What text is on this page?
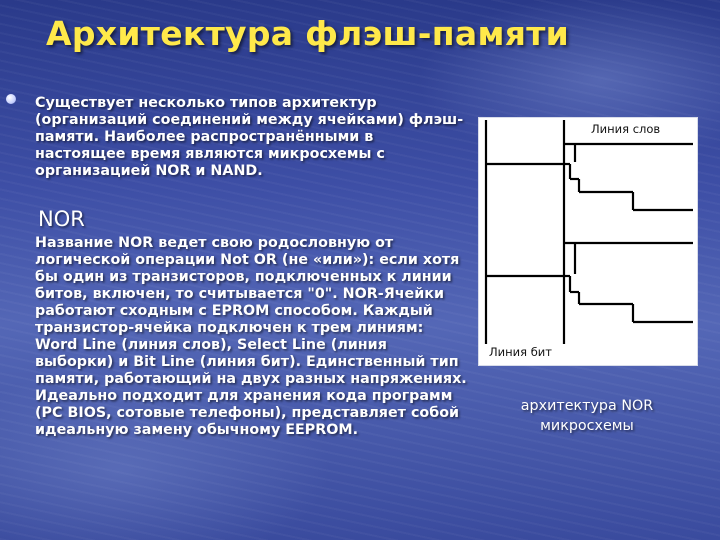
Архитектура флэш-памяти
Существует несколько типов архитектур (организаций соединений между ячейками) флэш-памяти. Наиболее распространёнными в настоящее время являются микросхемы с организацией NOR и NAND.
NOR
Название NOR ведет свою родословную от логической операции Not OR (не «или»): если хотя бы один из транзисторов, подключенных к линии битов, включен, то считывается "0". NOR-Ячейки работают сходным с EPROM способом. Каждый транзистор-ячейка подключен к трем линиям: Word Line (линия слов), Select Line (линия выборки) и Bit Line (линия бит). Единственный тип памяти, работающий на двух разных напряжениях. Идеально подходит для хранения кода программ (PC BIOS, сотовые телефоны), представляет собой идеальную замену обычному EEPROM.
Линия слов
Линия бит
архитектура NOR микросхемы
